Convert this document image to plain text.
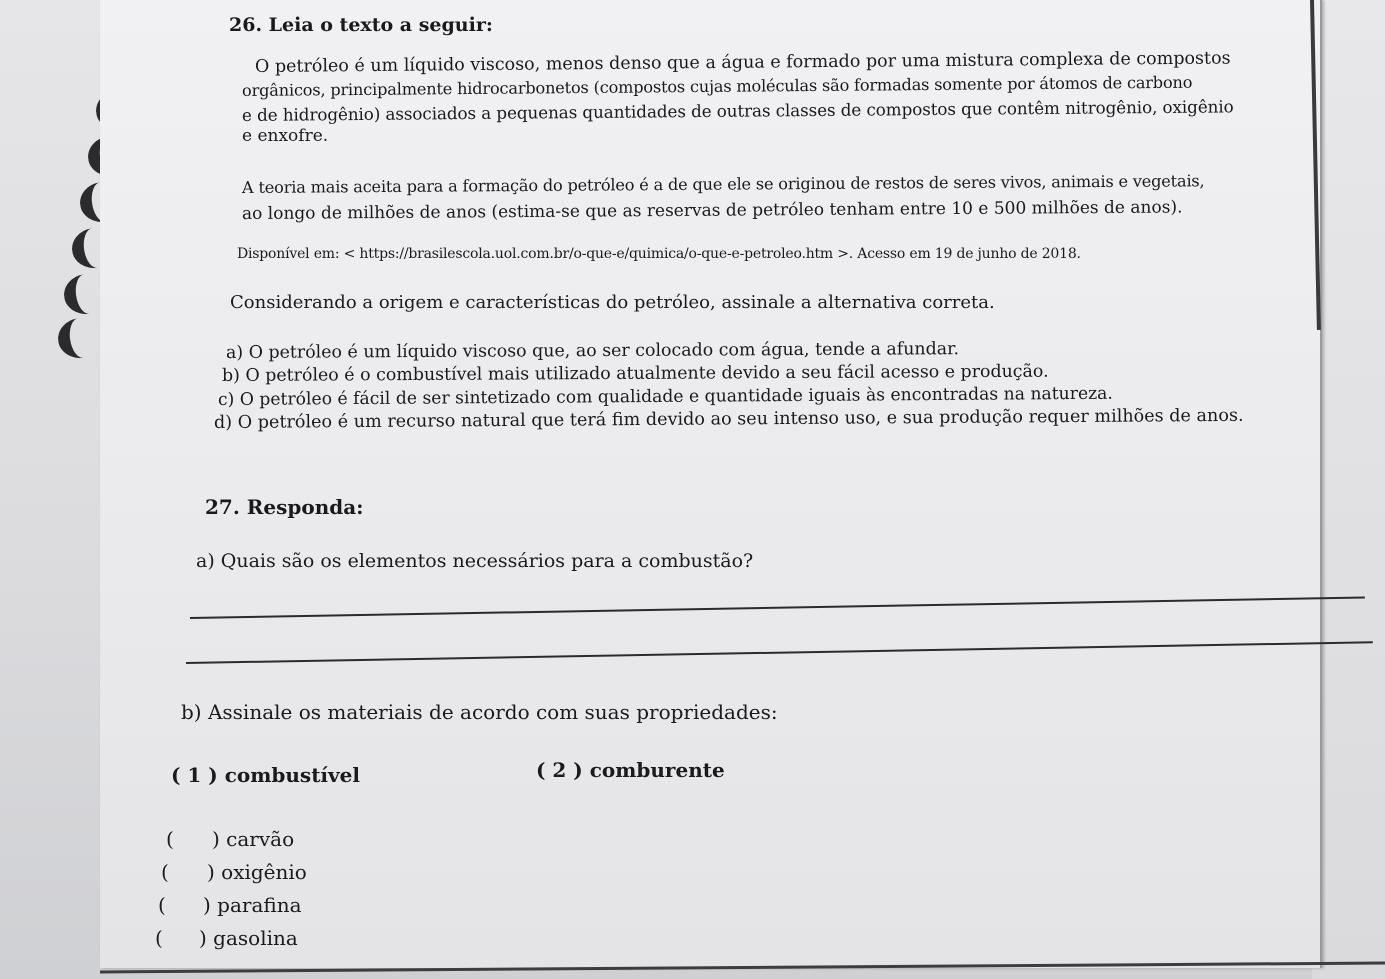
26. Leia o texto a seguir:
O petróleo é um líquido viscoso, menos denso que a água e formado por uma mistura complexa de compostos
orgânicos, principalmente hidrocarbonetos (compostos cujas moléculas são formadas somente por átomos de carbono
e de hidrogênio) associados a pequenas quantidades de outras classes de compostos que contêm nitrogênio, oxigênio
e enxofre.
A teoria mais aceita para a formação do petróleo é a de que ele se originou de restos de seres vivos, animais e vegetais,
ao longo de milhões de anos (estima-se que as reservas de petróleo tenham entre 10 e 500 milhões de anos).
Disponível em: < https://brasilescola.uol.com.br/o-que-e/quimica/o-que-e-petroleo.htm >. Acesso em 19 de junho de 2018.
Considerando a origem e características do petróleo, assinale a alternativa correta.
a) O petróleo é um líquido viscoso que, ao ser colocado com água, tende a afundar.
b) O petróleo é o combustível mais utilizado atualmente devido a seu fácil acesso e produção.
c) O petróleo é fácil de ser sintetizado com qualidade e quantidade iguais às encontradas na natureza.
d) O petróleo é um recurso natural que terá fim devido ao seu intenso uso, e sua produção requer milhões de anos.
27. Responda:
a) Quais são os elementos necessários para a combustão?
b) Assinale os materiais de acordo com suas propriedades:
( 1 ) combustível	( 2 ) comburente
( ) carvão
( ) oxigênio
( ) parafina
( ) gasolina
